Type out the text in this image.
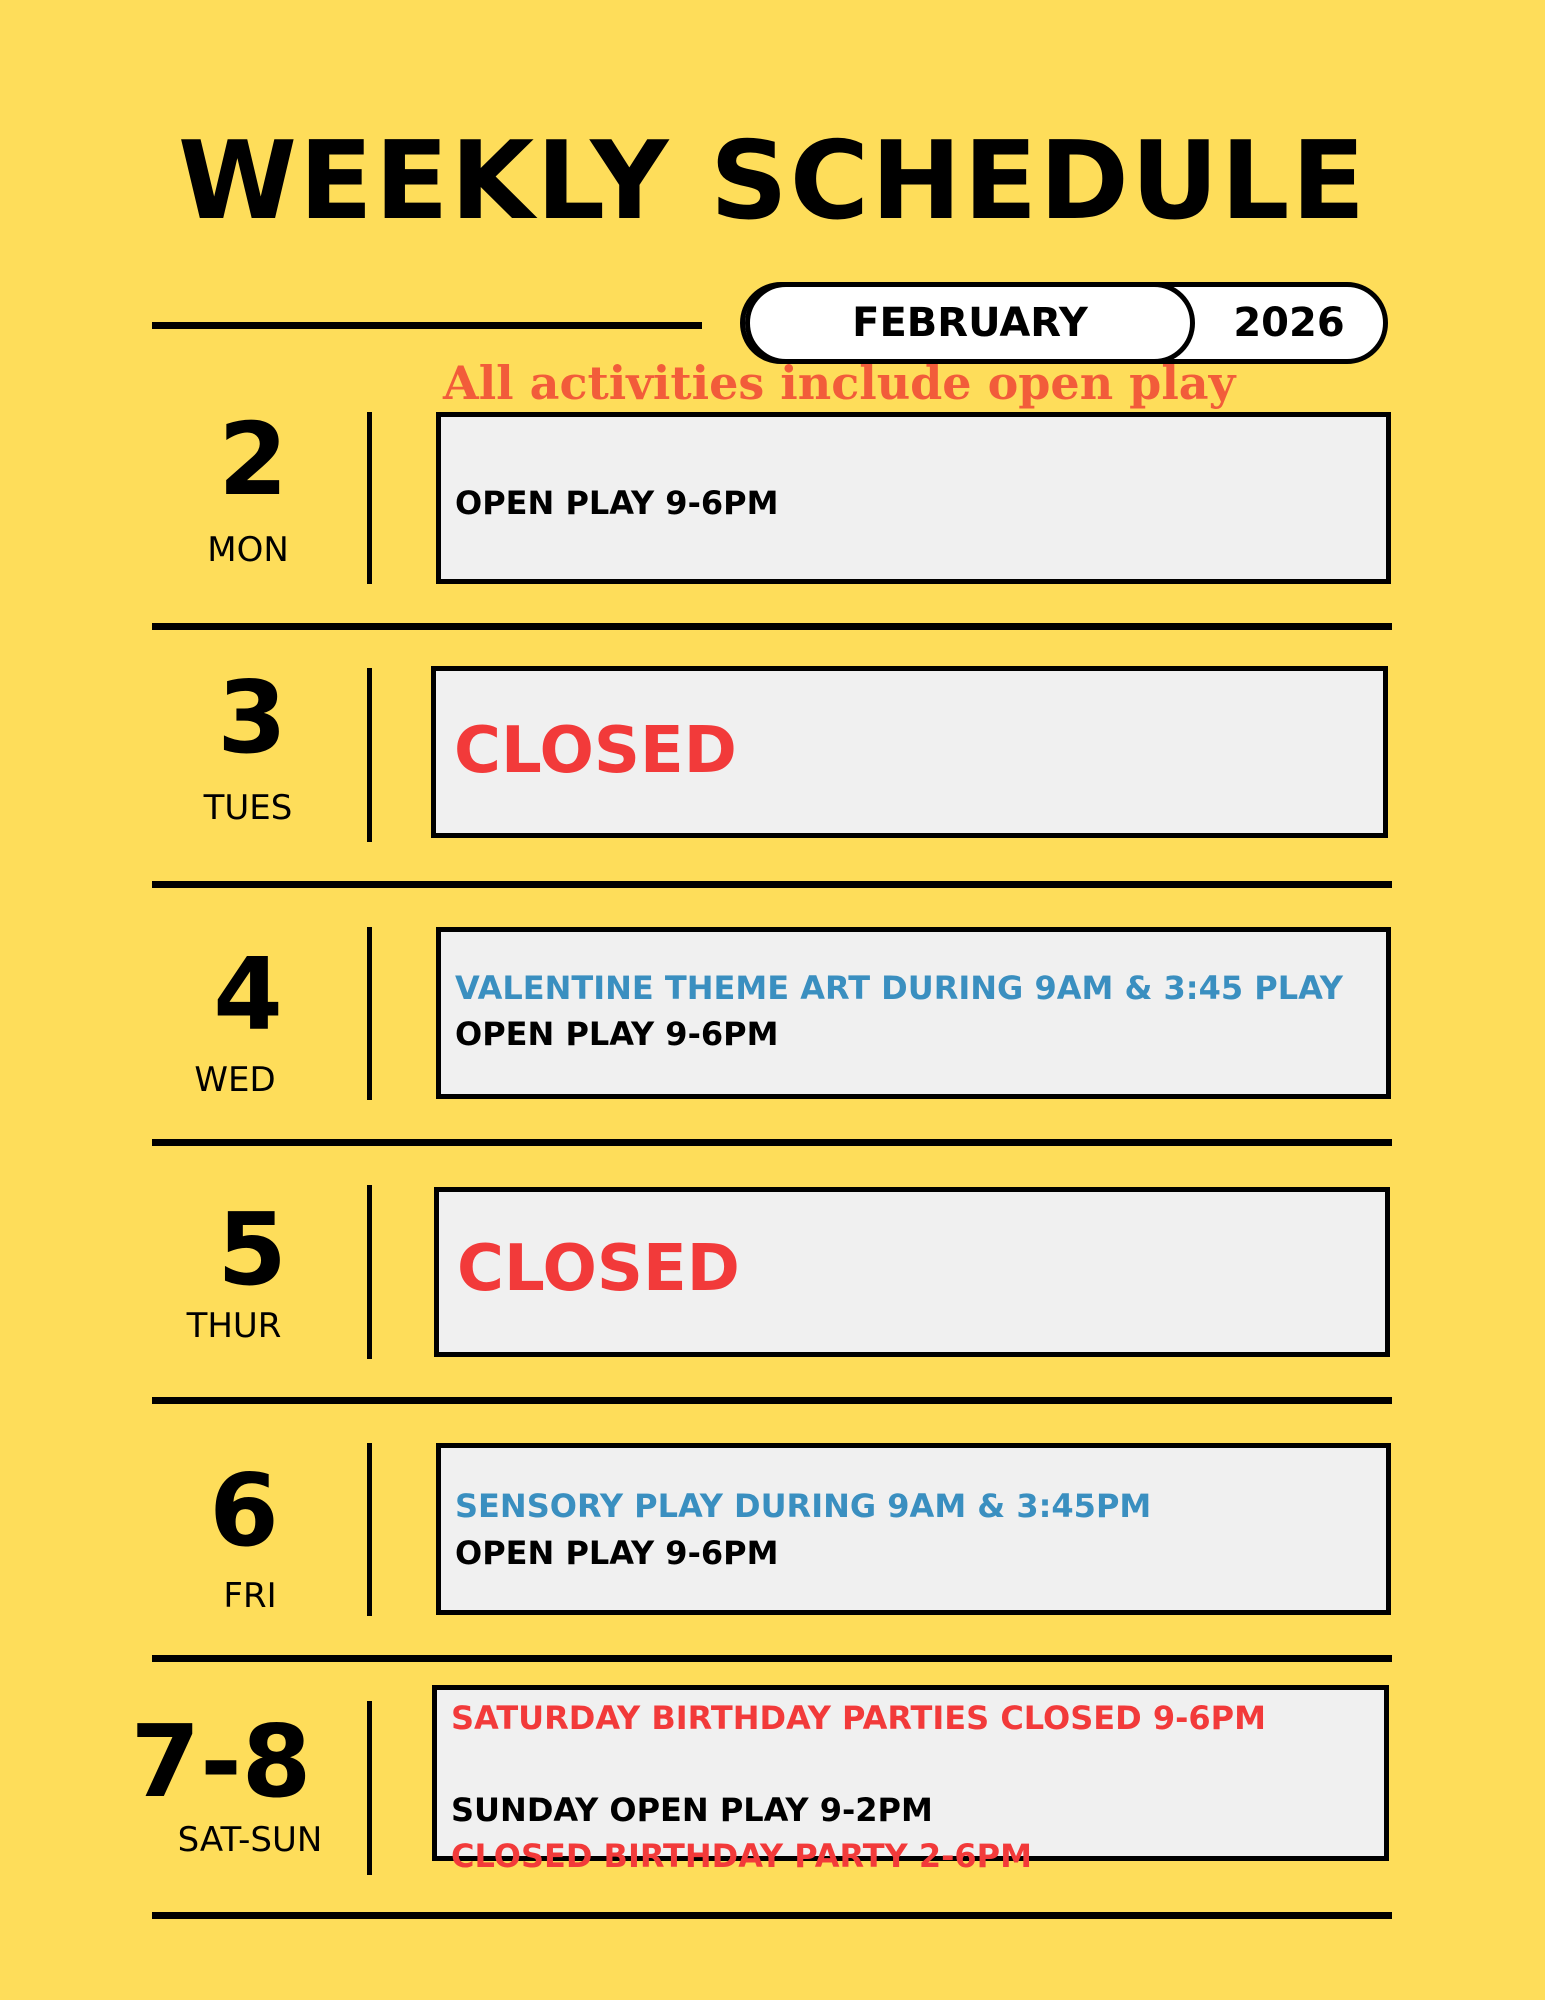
WEEKLY SCHEDULE
FEBRUARY	2026
All activities include open play
2
MON
OPEN PLAY 9-6PM
3
TUES
CLOSED
4
WED
VALENTINE THEME ART DURING 9AM & 3:45 PLAY
OPEN PLAY 9-6PM
5
THUR
CLOSED
6
FRI
SENSORY PLAY DURING 9AM & 3:45PM
OPEN PLAY 9-6PM
7-8
SAT-SUN
SATURDAY BIRTHDAY PARTIES CLOSED 9-6PM
SUNDAY OPEN PLAY 9-2PM
CLOSED BIRTHDAY PARTY 2-6PM
